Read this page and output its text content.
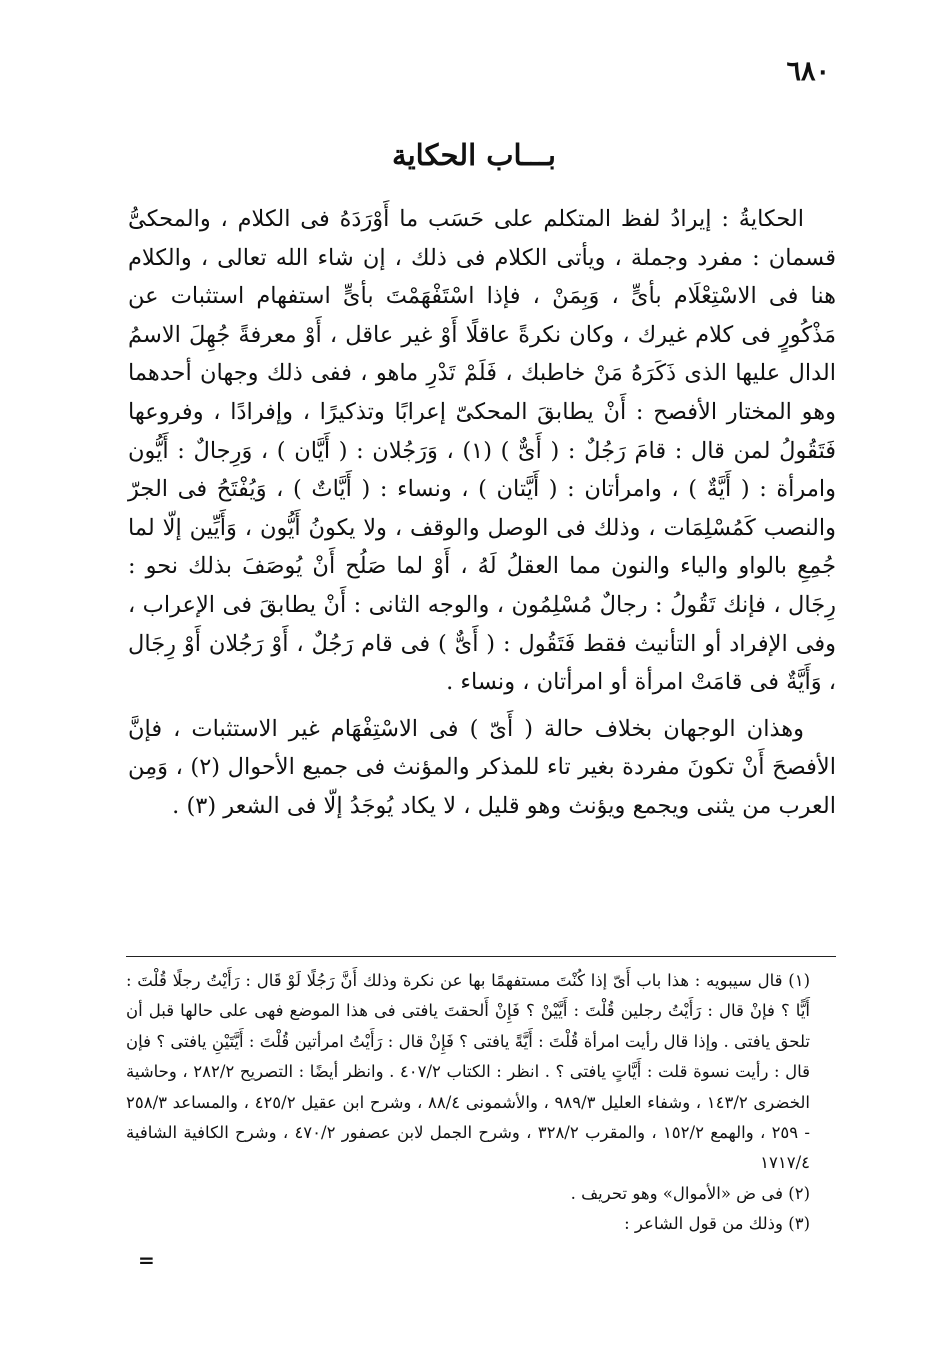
٦٨٠
بـــاب الحكاية

الحكايةُ : إيرادُ لفظ المتكلم على حَسَب ما أَوْرَدَهُ فى الكلام ، والمحكىُّ قسمان : مفرد وجملة ، ويأتى الكلام فى ذلك ، إن شاء الله تعالى ، والكلام هنا فى الاسْتِعْلَام بأىٍّ ، وَبِمَنْ ، فإذا اسْتَفْهَمْتَ بأىٍّ استفهام استثبات عن مَذْكُورٍ فى كلام غيرك ، وكان نكرةً عاقلًا أَوْ غير عاقل ، أَوْ معرفةً جُهِلَ الاسمُ الدال عليها الذى ذَكَرَهُ مَنْ خاطبك ، فَلَمْ تَدْرِ ماهو ، ففى ذلك وجهان أحدهما وهو المختار الأفصح : أَنْ يطابقَ المحكىّ إعرابًا وتذكيرًا ، وإفرادًا ، وفروعها فَتَقُولُ لمن قال : قامَ رَجُلٌ : ( أَىٌّ ) (١) ، وَرَجُلان : ( أَيَّان ) ، وَرِجالٌ : أَيُّون وامرأة : ( أَيَّةٌ ) ، وامرأتان : ( أَيَّتان ) ، ونساء : ( أَيَّاتٌ ) ، وَيُفْتَحُ فى الجرّ والنصب كَمُسْلِمَات ، وذلك فى الوصل والوقف ، ولا يكونُ أَيُّون ، وَأَيِّين إلّا لما جُمِعِ بالواو والياء والنون مما العقلُ لَهُ ، أَوْ لما صَلُح أَنْ يُوصَفَ بذلك نحو : رِجَال ، فإنك تَقُولُ : رجالٌ مُسْلِمُون ، والوجه الثانى : أَنْ يطابقَ فى الإعراب ، وفى الإفراد أو التأنيث فقط فَتَقُول : ( أَىٌّ ) فى قام رَجُلٌ ، أَوْ رَجُلان أَوْ رِجَال ، وَأَيَّةٌ فى قامَتْ امرأة أو امرأتان ، ونساء .

وهذان الوجهان بخلاف حالة ( أَىّ ) فى الاسْتِفْهَام غير الاستثبات ، فإنَّ الأفصحَ أَنْ تكونَ مفردة بغير تاء للمذكر والمؤنث فى جميع الأحوال (٢) ، وَمِن العرب من يثنى ويجمع ويؤنث وهو قليل ، لا يكاد يُوجَدُ إلّا فى الشعر (٣) .

(١) قال سيبويه : هذا باب أَىّ إذا كُنْتَ مستفهمًا بها عن نكرة وذلك أَنَّ رَجُلًا لَوْ قَال : رَأَيْتُ رجلًا قُلْتَ : أَيًّا ؟ فإنْ قال : رَأَيْتُ رجلين قُلْتَ : أَيَّيْنْ ؟ فَإِنْ أَلحقتَ يافتى فى هذا الموضع فهى على حالها قبل أن تلحق يافتى . وإذا قال رأيت امرأة قُلْتَ : أَيَّةً يافتى ؟ فَإِنْ قال : رَأَيْتُ امرأتين قُلْتَ : أَيَّتَيْنِ يافتى ؟ فإن قال : رأيت نسوة قلت : أَيَّاتٍ يافتى ؟ . انظر : الكتاب ٤٠٧/٢ . وانظر أيضًا : التصريح ٢٨٢/٢ ، وحاشية الخضرى ١٤٣/٢ ، وشفاء العليل ٩٨٩/٣ ، والأشمونى ٨٨/٤ ، وشرح ابن عقيل ٤٢٥/٢ ، والمساعد ٢٥٨/٣ - ٢٥٩ ، والهمع ١٥٢/٢ ، والمقرب ٣٢٨/٢ ، وشرح الجمل لابن عصفور ٤٧٠/٢ ، وشرح الكافية الشافية ١٧١٧/٤

(٢) فى ض «الأموال» وهو تحريف .

(٣) وذلك من قول الشاعر :

=
